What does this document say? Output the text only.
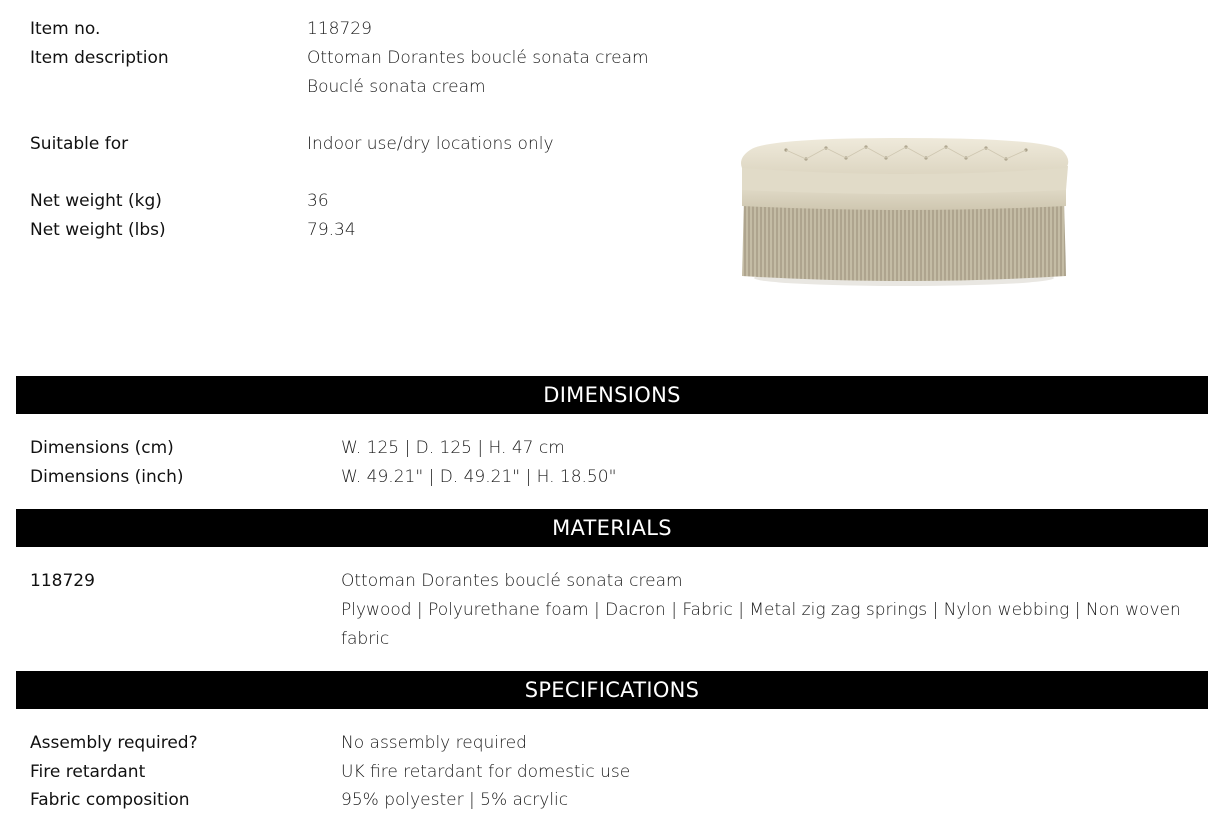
Item no.	118729
Item description	Ottoman Dorantes bouclé sonata cream
Bouclé sonata cream
Suitable for	Indoor use/dry locations only
Net weight (kg)	36
Net weight (lbs)	79.34
DIMENSIONS
Dimensions (cm)	W. 125 | D. 125 | H. 47 cm
Dimensions (inch)	W. 49.21" | D. 49.21" | H. 18.50"
MATERIALS
118729	Ottoman Dorantes bouclé sonata cream
Plywood | Polyurethane foam | Dacron | Fabric | Metal zig zag springs | Nylon webbing | Non woven
fabric
SPECIFICATIONS
Assembly required?	No assembly required
Fire retardant	UK fire retardant for domestic use
Fabric composition	95% polyester | 5% acrylic
